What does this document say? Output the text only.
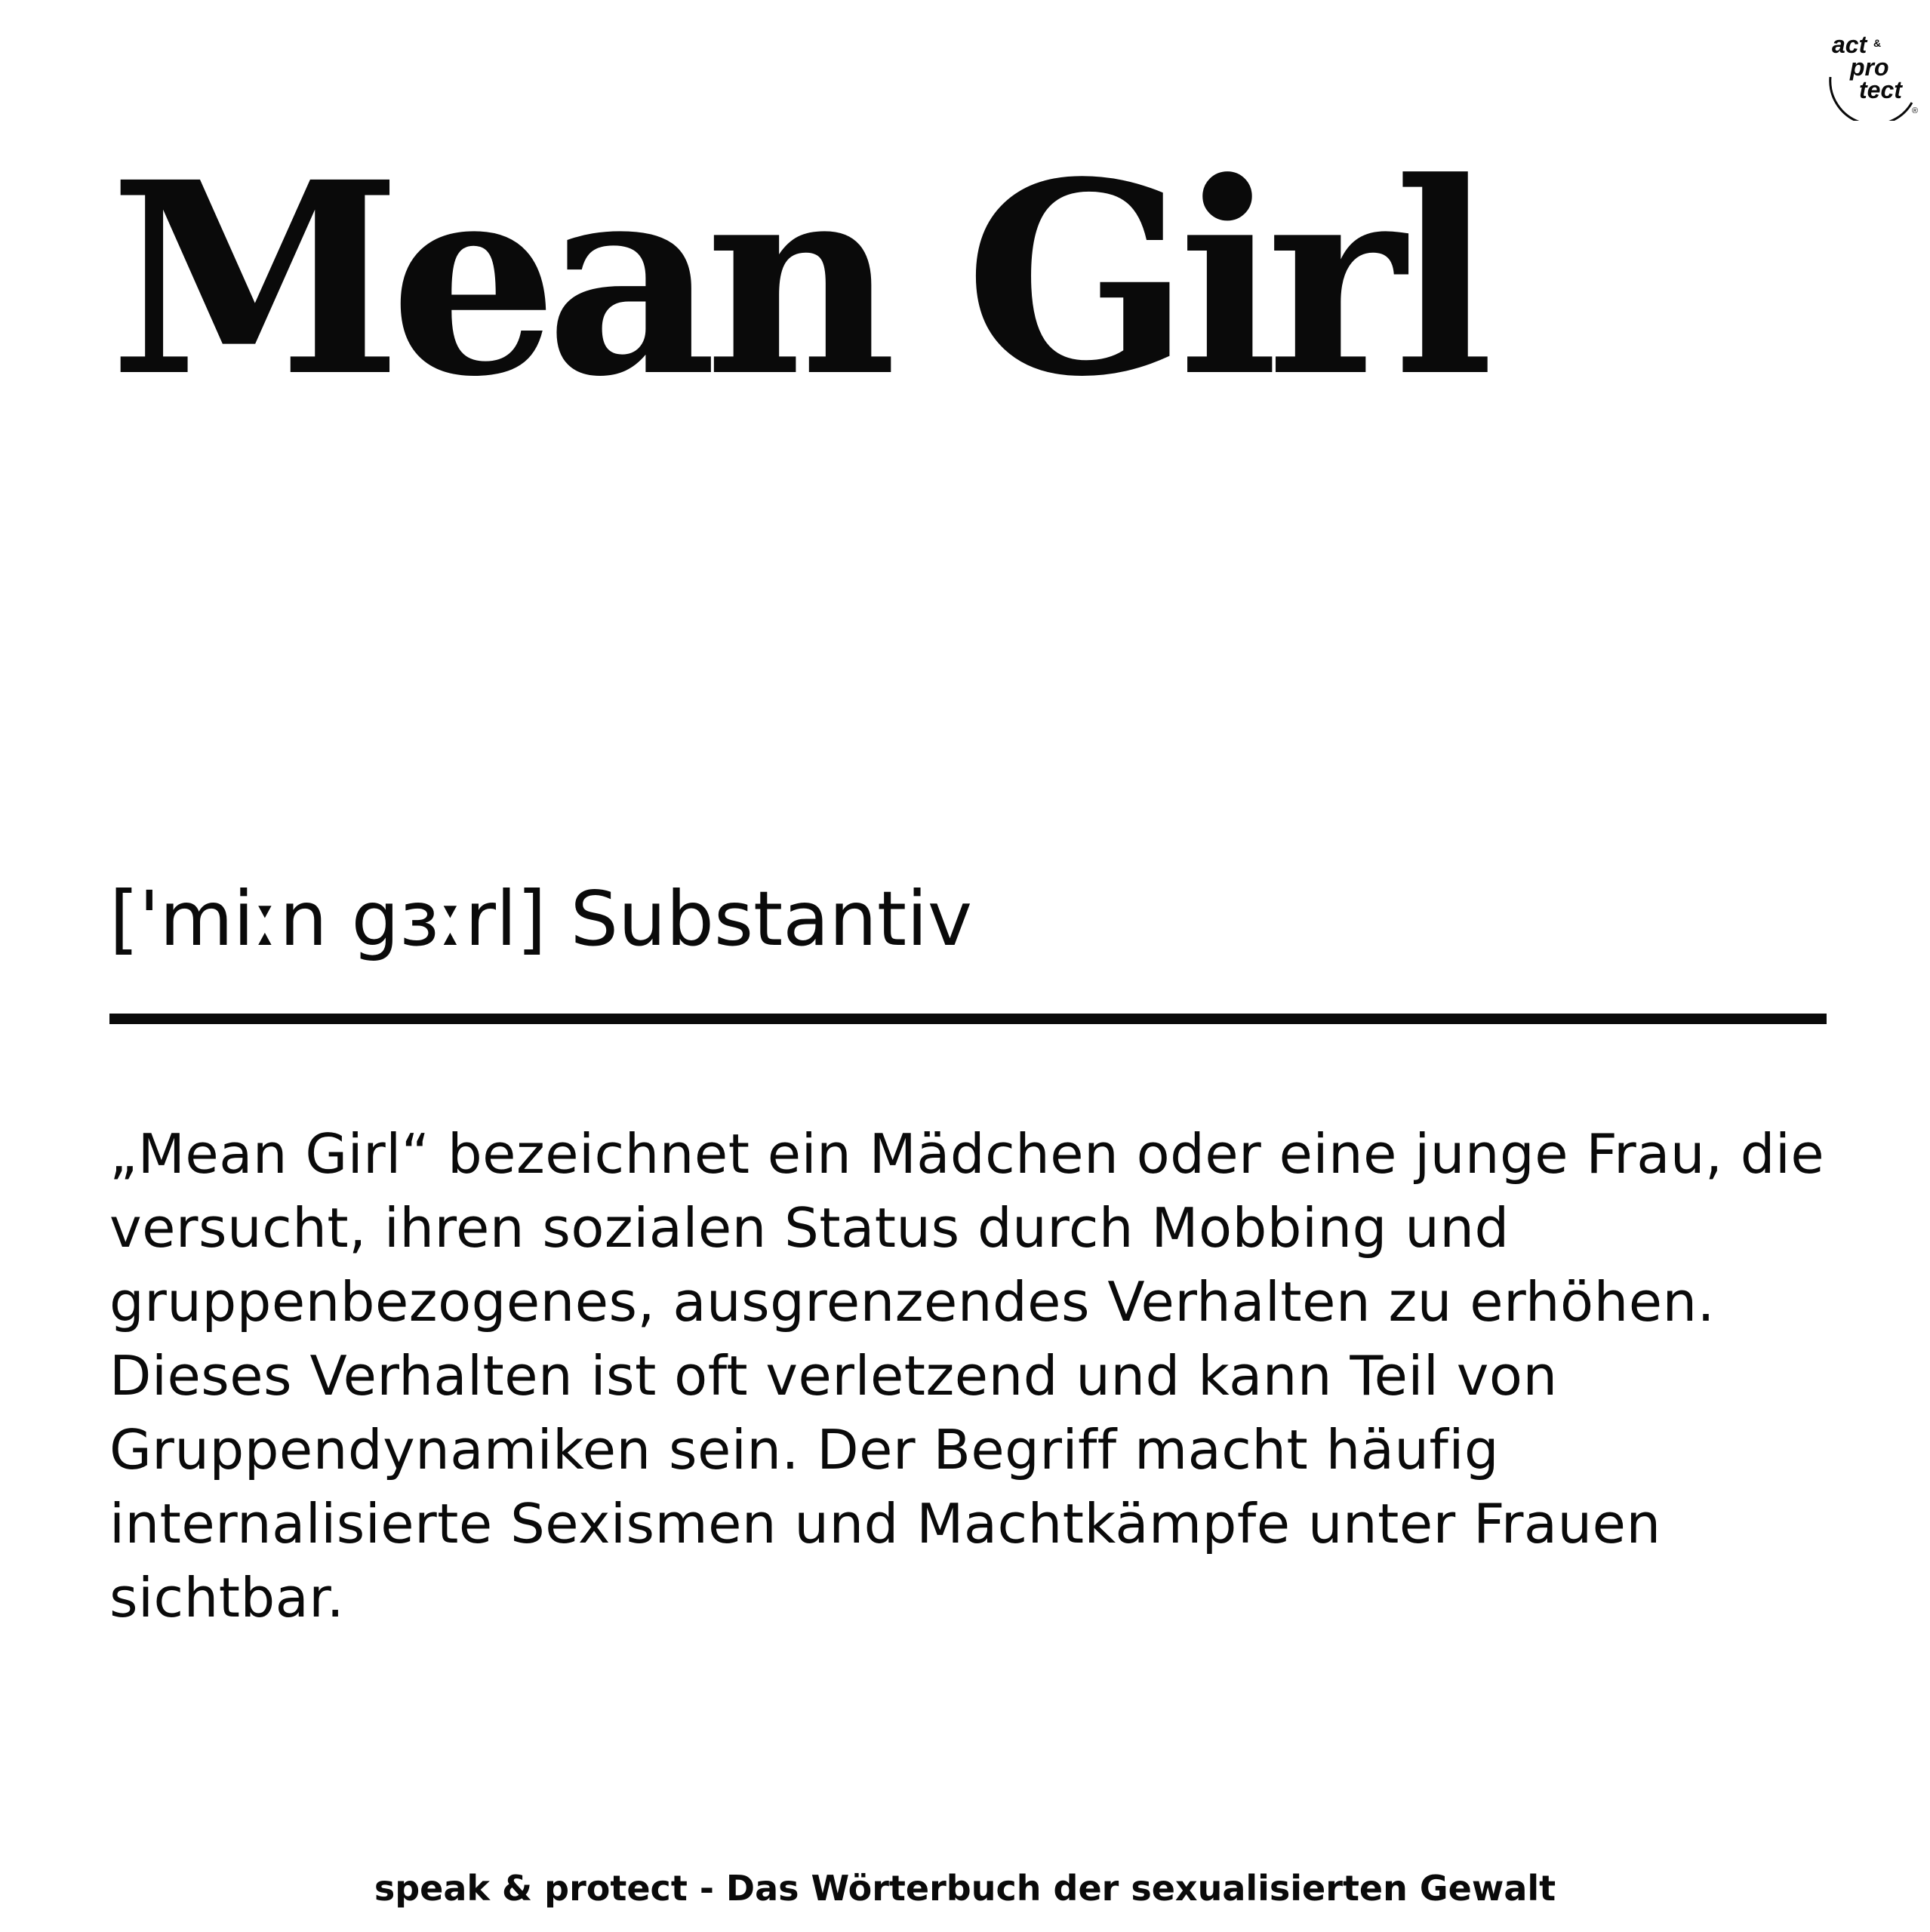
act &
pro
tect
®
Mean Girl
['miːn gɜːrl] Substantiv

„Mean Girl“ bezeichnet ein Mädchen oder eine junge Frau, die versucht, ihren sozialen Status durch Mobbing und gruppenbezogenes, ausgrenzendes Verhalten zu erhöhen. Dieses Verhalten ist oft verletzend und kann Teil von Gruppendynamiken sein. Der Begriff macht häufig internalisierte Sexismen und Machtkämpfe unter Frauen sichtbar.

speak & protect - Das Wörterbuch der sexualisierten Gewalt
